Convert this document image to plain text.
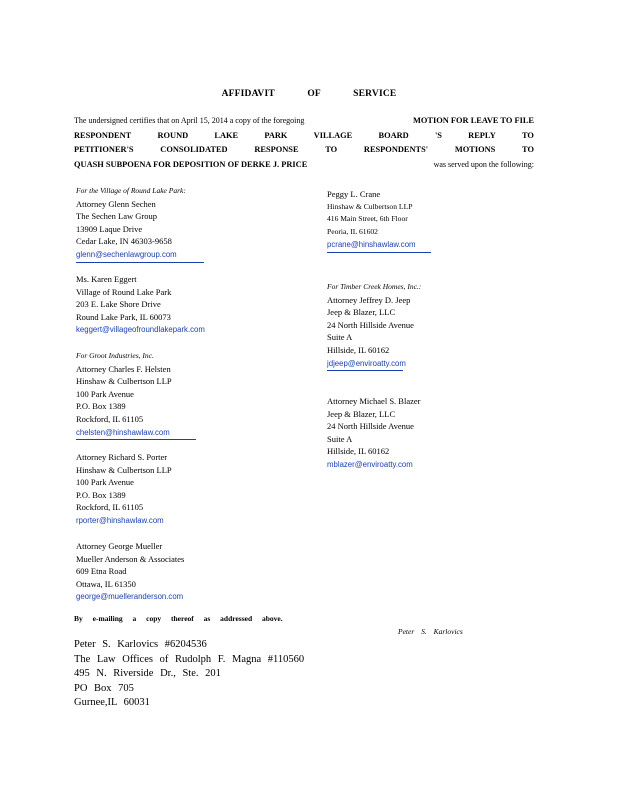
AFFIDAVIT OF SERVICE
The undersigned certifies that on April 15, 2014 a copy of the foregoing	MOTION FOR LEAVE TO FILE
RESPONDENT	ROUND	LAKE	PARK	VILLAGE	BOARD	'S	REPLY	TO
PETITIONER'S	CONSOLIDATED	RESPONSE	TO	RESPONDENTS'	MOTIONS	TO
QUASH SUBPOENA FOR DEPOSITION OF DERKE J. PRICE	was served upon the following:
For the Village of Round Lake Park:
Attorney Glenn Sechen
The Sechen Law Group
13909 Laque Drive
Cedar Lake, IN 46303-9658
glenn@sechenlawgroup.com
Ms. Karen Eggert
Village of Round Lake Park
203 E. Lake Shore Drive
Round Lake Park, IL 60073
keggert@villageofroundlakepark.com
For Groot Industries, Inc.
Attorney Charles F. Helsten
Hinshaw & Culbertson LLP
100 Park Avenue
P.O. Box 1389
Rockford, IL 61105
chelsten@hinshawlaw.com
Attorney Richard S. Porter
Hinshaw & Culbertson LLP
100 Park Avenue
P.O. Box 1389
Rockford, IL 61105
rporter@hinshawlaw.com
Attorney George Mueller
Mueller Anderson & Associates
609 Etna Road
Ottawa, IL 61350
george@muelleranderson.com
Peggy L. Crane
Hinshaw & Culbertson LLP
416 Main Street, 6th Floor
Peoria, IL 61602
pcrane@hinshawlaw.com
For Timber Creek Homes, Inc.:
Attorney Jeffrey D. Jeep
Jeep & Blazer, LLC
24 North Hillside Avenue
Suite A
Hillside, IL 60162
jdjeep@enviroatty.com
Attorney Michael S. Blazer
Jeep & Blazer, LLC
24 North Hillside Avenue
Suite A
Hillside, IL 60162
mblazer@enviroatty.com
By e-mailing a copy thereof as addressed above.
Peter S. Karlovics
Peter S. Karlovics #6204536
The Law Offices of Rudolph F. Magna #110560
495 N. Riverside Dr., Ste. 201
PO Box 705
Gurnee,IL 60031
